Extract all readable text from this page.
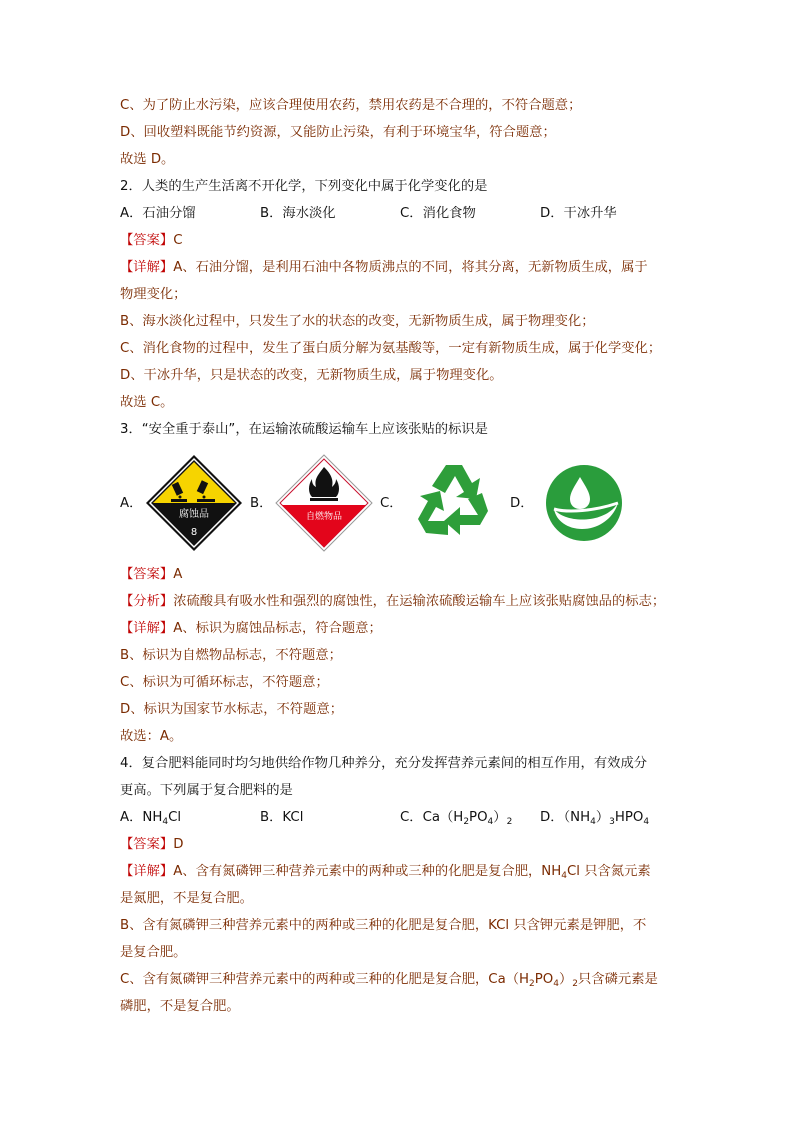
C、为了防止水污染，应该合理使用农药，禁用农药是不合理的，不符合题意；
D、回收塑料既能节约资源，又能防止污染，有利于环境宝华，符合题意；
故选 D。
2．人类的生产生活离不开化学，下列变化中属于化学变化的是
A．石油分馏	B．海水淡化	C．消化食物	D．干冰升华
【答案】C
【详解】A、石油分馏，是利用石油中各物质沸点的不同，将其分离，无新物质生成，属于
物理变化；
B、海水淡化过程中，只发生了水的状态的改变，无新物质生成，属于物理变化；
C、消化食物的过程中，发生了蛋白质分解为氨基酸等，一定有新物质生成，属于化学变化；
D、干冰升华，只是状态的改变，无新物质生成，属于物理变化。
故选 C。
3．“安全重于泰山”，在运输浓硫酸运输车上应该张贴的标识是
A．
腐蚀品
8
B．
自燃物品
C．	D．
【答案】A
【分析】浓硫酸具有吸水性和强烈的腐蚀性，在运输浓硫酸运输车上应该张贴腐蚀品的标志；
【详解】A、标识为腐蚀品标志，符合题意；
B、标识为自燃物品标志，不符题意；
C、标识为可循环标志，不符题意；
D、标识为国家节水标志，不符题意；
故选：A。
4．复合肥料能同时均匀地供给作物几种养分，充分发挥营养元素间的相互作用，有效成分
更高。下列属于复合肥料的是
A．$NH_4Cl$	B．KCl	C．$Ca(H_2PO_4)_2$	D．$(NH_4)_3HPO_4$
【答案】D
【详解】A、含有氮磷钾三种营养元素中的两种或三种的化肥是复合肥，$NH_4Cl$ 只含氮元素
是氮肥，不是复合肥。
B、含有氮磷钾三种营养元素中的两种或三种的化肥是复合肥，KCl 只含钾元素是钾肥，不
是复合肥。
C、含有氮磷钾三种营养元素中的两种或三种的化肥是复合肥，$Ca(H_2PO_4)_2$只含磷元素是
磷肥，不是复合肥。
